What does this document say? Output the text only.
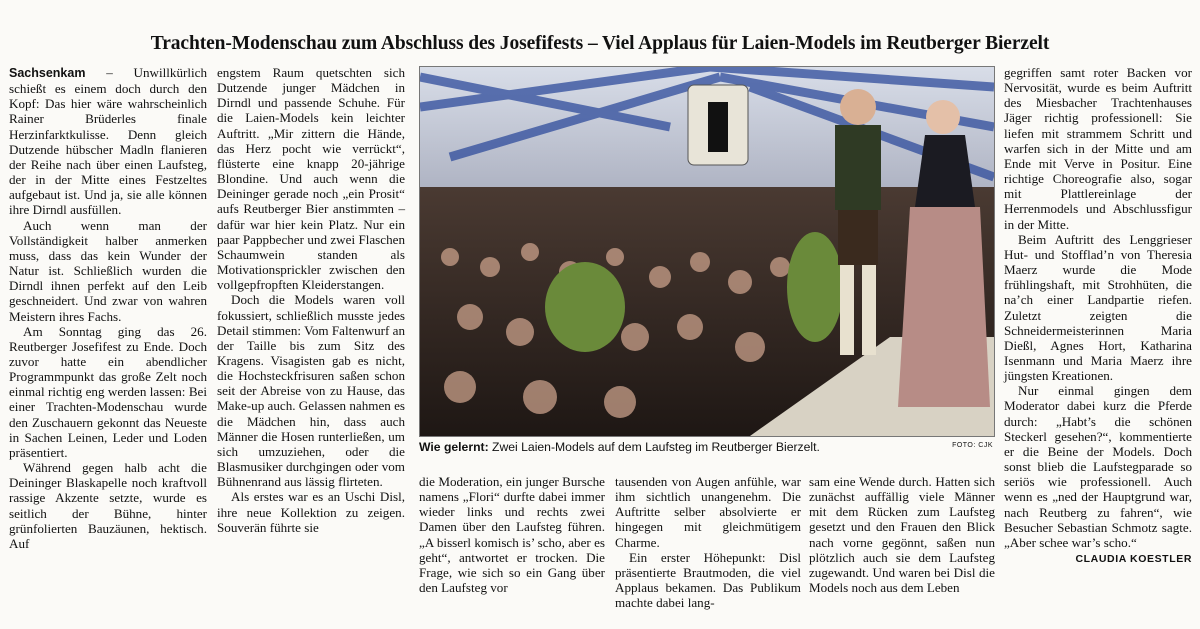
Trachten-Modenschau zum Abschluss des Josefifests – Viel Applaus für Laien-Models im Reutberger Bierzelt

Sachsenkam – Unwillkürlich schießt es einem doch durch den Kopf: Das hier wäre wahrscheinlich Rainer Brüderles finale Herzinfarktkulisse. Denn gleich Dutzende hübscher Madln flanieren der Reihe nach über einen Laufsteg, der in der Mitte eines Festzeltes aufgebaut ist. Und ja, sie alle können ihre Dirndl ausfüllen.

Auch wenn man der Vollständigkeit halber anmerken muss, dass das kein Wunder der Natur ist. Schließlich wurden die Dirndl ihnen perfekt auf den Leib geschneidert. Und zwar von wahren Meistern ihres Fachs.

Am Sonntag ging das 26. Reutberger Josefifest zu Ende. Doch zuvor hatte ein abendlicher Programmpunkt das große Zelt noch einmal richtig eng werden lassen: Bei einer Trachten-Modenschau wurde den Zuschauern gekonnt das Neueste in Sachen Leinen, Leder und Loden präsentiert.

Während gegen halb acht die Deininger Blaskapelle noch kraftvoll rassige Akzente setzte, wurde es seitlich der Bühne, hinter grünfolierten Bauzäunen, hektisch. Auf

engstem Raum quetschten sich Dutzende junger Mädchen in Dirndl und passende Schuhe. Für die Laien-Models kein leichter Auftritt. „Mir zittern die Hände, das Herz pocht wie verrückt“, flüsterte eine knapp 20-jährige Blondine. Und auch wenn die Deininger gerade noch „ein Prosit“ aufs Reutberger Bier anstimmten – dafür war hier kein Platz. Nur ein paar Pappbecher und zwei Flaschen Schaumwein standen als Motivationsprickler zwischen den vollgepfropften Kleiderstangen.

Doch die Models waren voll fokussiert, schließlich musste jedes Detail stimmen: Vom Faltenwurf an der Taille bis zum Sitz des Kragens. Visagisten gab es nicht, die Hochsteckfrisuren saßen schon seit der Abreise von zu Hause, das Make-up auch. Gelassen nahmen es die Mädchen hin, dass auch Männer die Hosen runterließen, um sich umzuziehen, oder die Blasmusiker durchgingen oder vom Bühnenrand aus lässig flirteten.

Als erstes war es an Uschi Disl, ihre neue Kollektion zu zeigen. Souverän führte sie

Wie gelernt: Zwei Laien-Models auf dem Laufsteg im Reutberger Bierzelt.	FOTO: CJK

die Moderation, ein junger Bursche namens „Flori“ durfte dabei immer wieder links und rechts zwei Damen über den Laufsteg führen. „A bisserl komisch is’ scho, aber es geht“, antwortet er trocken. Die Frage, wie sich so ein Gang über den Laufsteg vor

tausenden von Augen anfühle, war ihm sichtlich unangenehm. Die Auftritte selber absolvierte er hingegen mit gleichmütigem Charme.

Ein erster Höhepunkt: Disl präsentierte Brautmoden, die viel Applaus bekamen. Das Publikum machte dabei lang-

sam eine Wende durch. Hatten sich zunächst auffällig viele Männer mit dem Rücken zum Laufsteg gesetzt und den Frauen den Blick nach vorne gegönnt, saßen nun plötzlich auch sie dem Laufsteg zugewandt. Und waren bei Disl die Models noch aus dem Leben

gegriffen samt roter Backen vor Nervosität, wurde es beim Auftritt des Miesbacher Trachtenhauses Jäger richtig professionell: Sie liefen mit strammem Schritt und warfen sich in der Mitte und am Ende mit Verve in Positur. Eine richtige Choreografie also, sogar mit Plattlereinlage der Herrenmodels und Abschlussfigur in der Mitte.

Beim Auftritt des Lenggrieser Hut- und Stofflad’n von Theresia Maerz wurde die Mode frühlingshaft, mit Strohhüten, die na’ch einer Landpartie riefen. Zuletzt zeigten die Schneidermeisterinnen Maria Dießl, Agnes Hort, Katharina Isenmann und Maria Maerz ihre jüngsten Kreationen.

Nur einmal gingen dem Moderator dabei kurz die Pferde durch: „Habt’s die schönen Steckerl gesehen?“, kommentierte er die Beine der Models. Doch sonst blieb die Laufstegparade so seriös wie professionell. Auch wenn es „ned der Hauptgrund war, nach Reutberg zu fahren“, wie Besucher Sebastian Schmotz sagte. „Aber schee war’s scho.“

CLAUDIA KOESTLER
